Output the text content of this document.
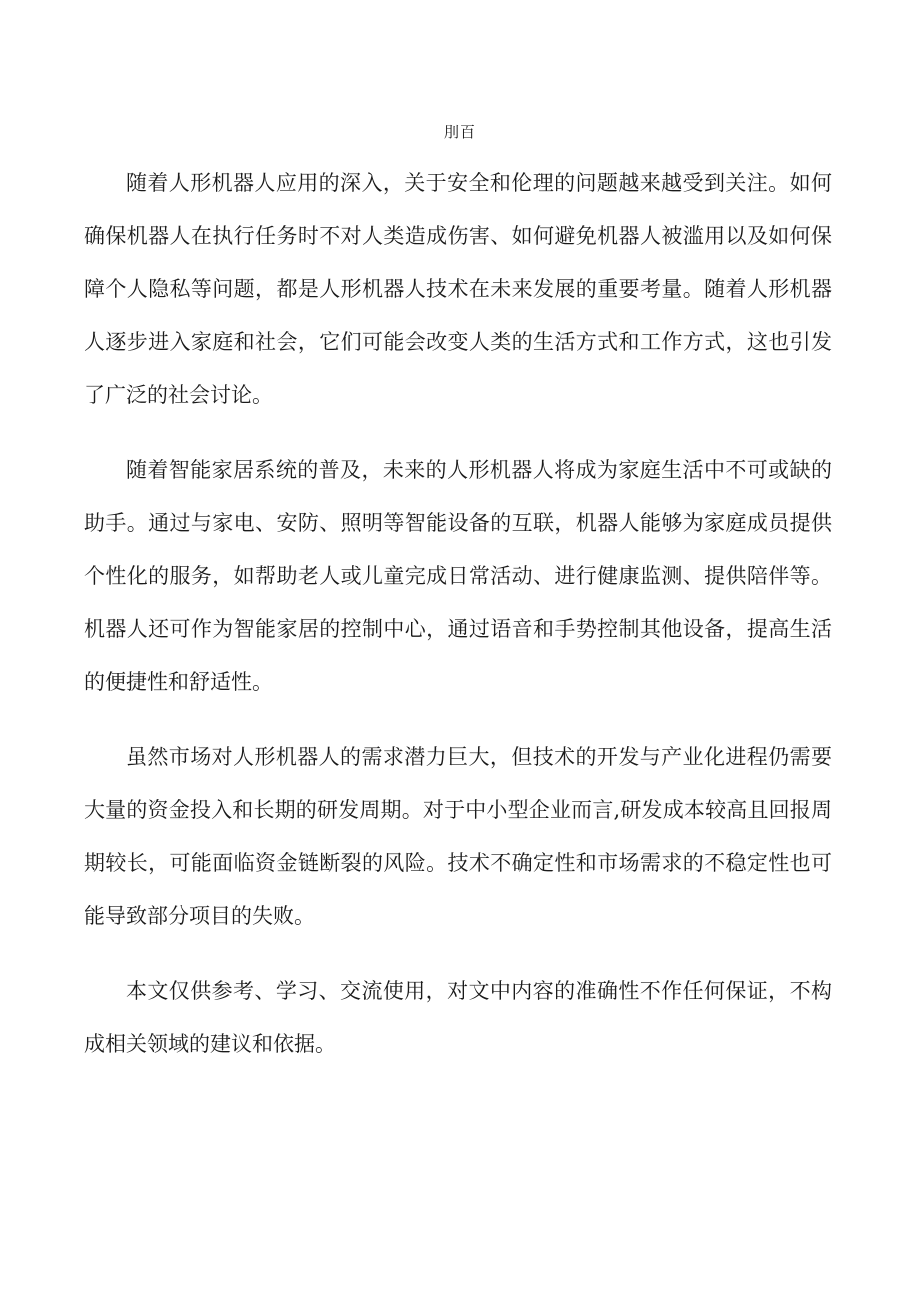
刖百

随着人形机器人应用的深入，关于安全和伦理的问题越来越受到关注。如何确保机器人在执行任务时不对人类造成伤害、如何避免机器人被滥用以及如何保障个人隐私等问题，都是人形机器人技术在未来发展的重要考量。随着人形机器人逐步进入家庭和社会，它们可能会改变人类的生活方式和工作方式，这也引发了广泛的社会讨论。

随着智能家居系统的普及，未来的人形机器人将成为家庭生活中不可或缺的助手。通过与家电、安防、照明等智能设备的互联，机器人能够为家庭成员提供个性化的服务，如帮助老人或儿童完成日常活动、进行健康监测、提供陪伴等。机器人还可作为智能家居的控制中心，通过语音和手势控制其他设备，提高生活的便捷性和舒适性。

虽然市场对人形机器人的需求潜力巨大，但技术的开发与产业化进程仍需要大量的资金投入和长期的研发周期。对于中小型企业而言,研发成本较高且回报周期较长，可能面临资金链断裂的风险。技术不确定性和市场需求的不稳定性也可能导致部分项目的失败。

本文仅供参考、学习、交流使用，对文中内容的准确性不作任何保证，不构成相关领域的建议和依据。
